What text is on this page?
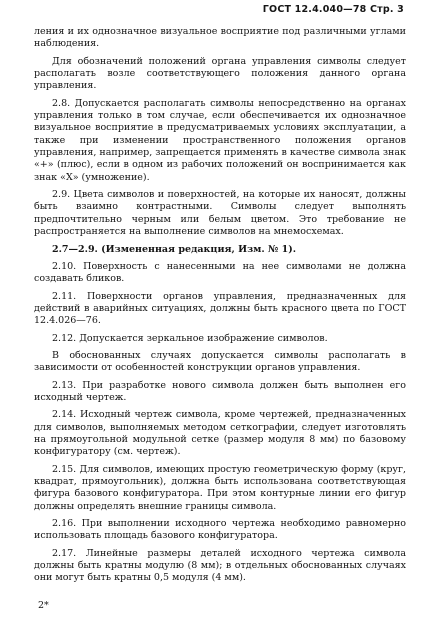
ГОСТ 12.4.040—78 Стр. 3

ления и их однозначное визуальное восприятие под различными углами наблюдения.

Для обозначений положений органа управления символы следует располагать возле соответствующего положения данного органа управления.

2.8. Допускается располагать символы непосредственно на органах управления только в том случае, если обеспечивается их однозначное визуальное восприятие в предусматриваемых условиях эксплуатации, а также при изменении пространственного положения органов управления, например, запрещается применять в качестве символа знак «+» (плюс), если в одном из рабочих положений он воспринимается как знак «X» (умножение).

2.9. Цвета символов и поверхностей, на которые их наносят, должны быть взаимно контрастными. Символы следует выполнять предпочтительно черным или белым цветом. Это требование не распространяется на выполнение символов на мнемосхемах.

2.7—2.9. (Измененная редакция, Изм. № 1).

2.10. Поверхность с нанесенными на нее символами не должна создавать бликов.

2.11. Поверхности органов управления, предназначенных для действий в аварийных ситуациях, должны быть красного цвета по ГОСТ 12.4.026—76.

2.12. Допускается зеркальное изображение символов.

В обоснованных случаях допускается символы располагать в зависимости от особенностей конструкции органов управления.

2.13. При разработке нового символа должен быть выполнен его исходный чертеж.

2.14. Исходный чертеж символа, кроме чертежей, предназначенных для символов, выполняемых методом сеткографии, следует изготовлять на прямоугольной модульной сетке (размер модуля 8 мм) по базовому конфигуратору (см. чертеж).

2.15. Для символов, имеющих простую геометрическую форму (круг, квадрат, прямоугольник), должна быть использована соответствующая фигура базового конфигуратора. При этом контурные линии его фигур должны определять внешние границы символа.

2.16. При выполнении исходного чертежа необходимо равномерно использовать площадь базового конфигуратора.

2.17. Линейные размеры деталей исходного чертежа символа должны быть кратны модулю (8 мм); в отдельных обоснованных случаях они могут быть кратны 0,5 модуля (4 мм).

2*
